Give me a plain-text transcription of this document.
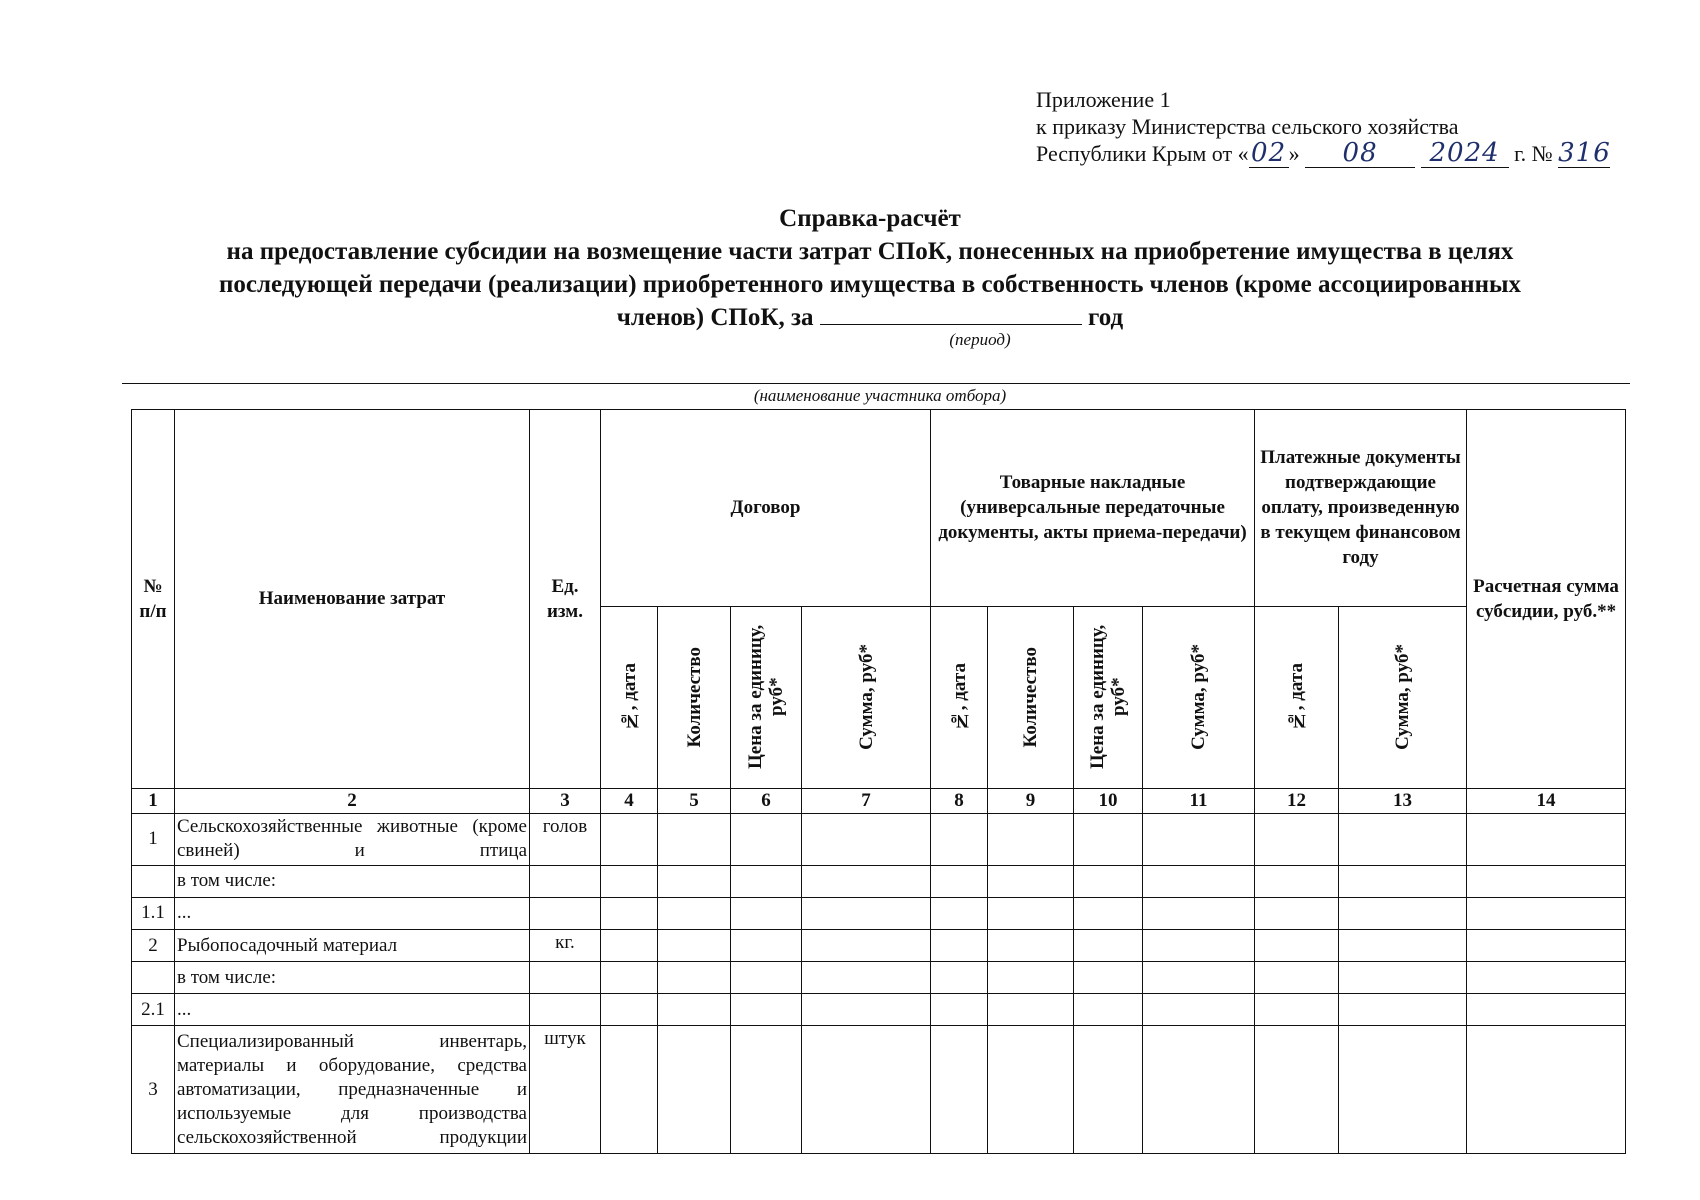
Приложение 1
к приказу Министерства сельского хозяйства
Республики Крым от «02 » 08 2024 г. № 316
Справка-расчёт
на предоставление субсидии на возмещение части затрат СПоК, понесенных на приобретение имущества в целях
последующей передачи (реализации) приобретенного имущества в собственность членов (кроме ассоциированных
членов) СПоК, за	год
(период)
(наименование участника отбора)
№ п/п	Наименование затрат	Ед. изм.	Договор				Товарные накладные (универсальные передаточные документы, акты приема-передачи)				Платежные документы подтверждающие оплату, произведенную в текущем финансовом году		Расчетная сумма субсидии, руб.**

			№, дата	Количество	Цена за единицу, руб*	Сумма, руб*	№, дата	Количество	Цена за единицу, руб*	Сумма, руб*	№, дата	Сумма, руб*	

1	2	3	4	5	6	7	8	9	10	11	12	13	14
1	Сельскохозяйственные животные (кроме свиней) и птица	голов											
	в том числе:												
1.1	...												
2	Рыбопосадочный материал	кг.											
	в том числе:												
2.1	...												
3	Специализированный инвентарь, материалы и оборудование, средства автоматизации, предназначенные и используемые для производства сельскохозяйственной продукции	штук											
